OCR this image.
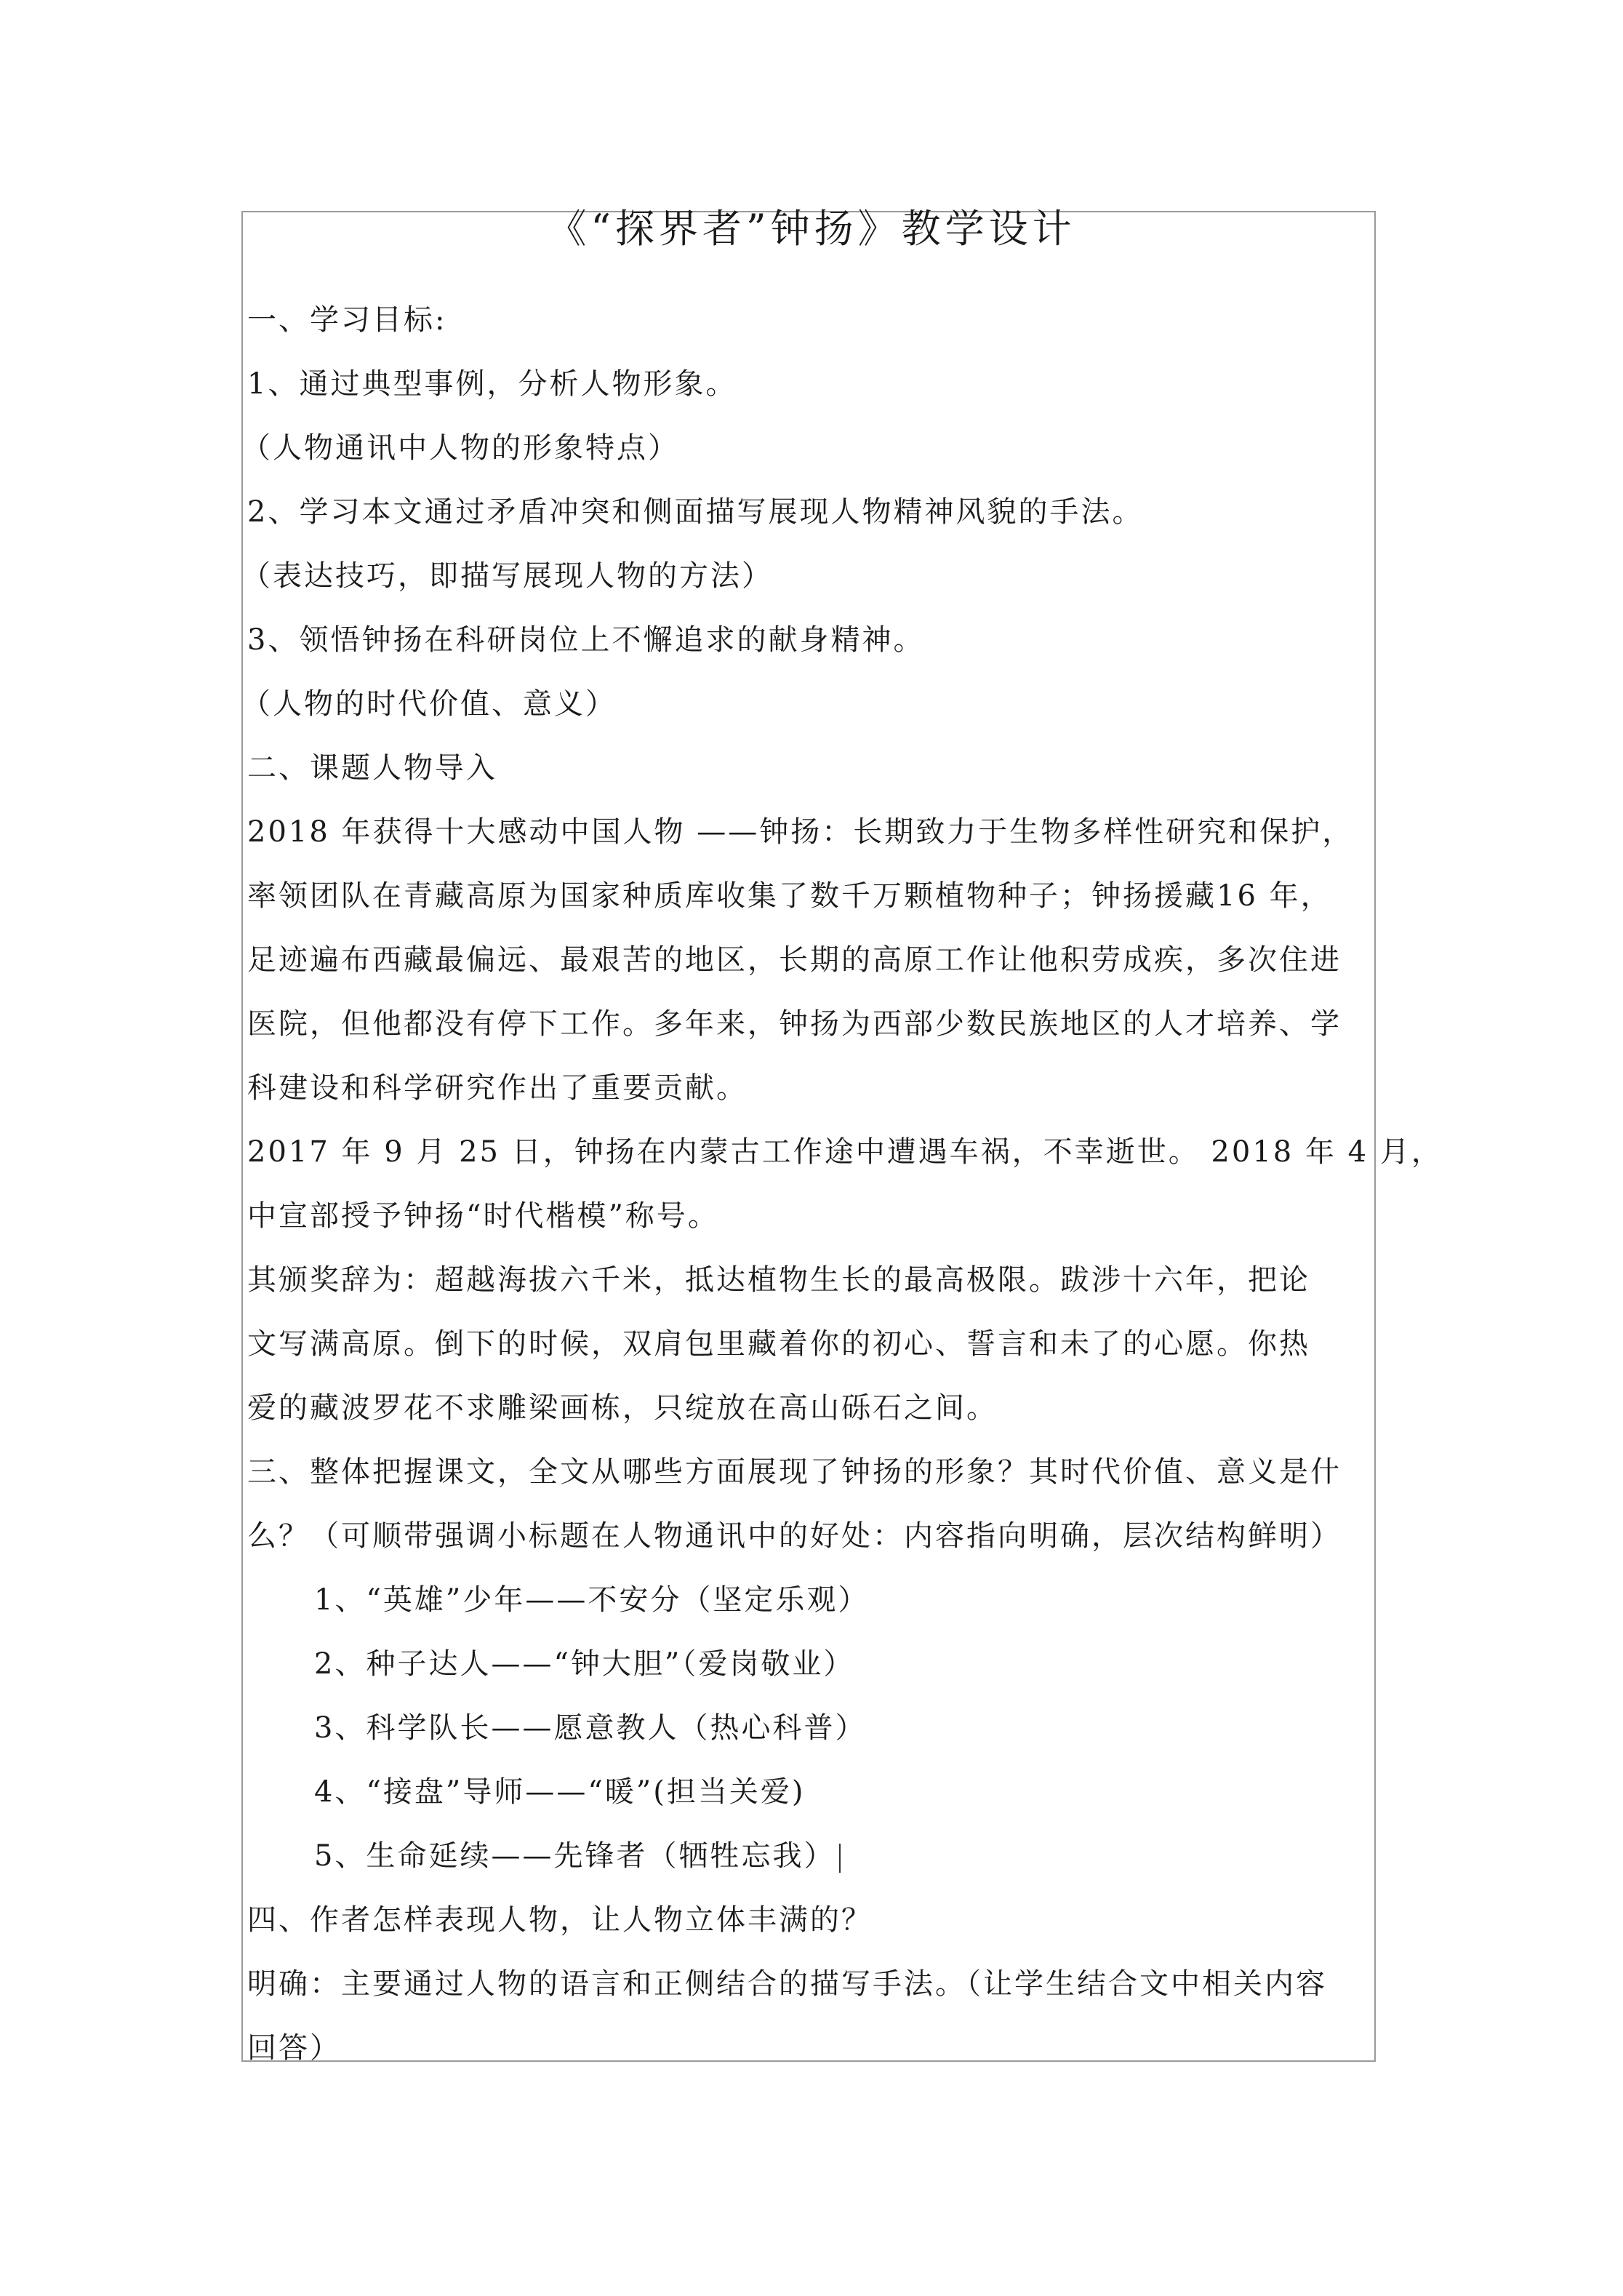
《“探界者”钟扬》教学设计
一、学习目标:
1、通过典型事例，分析人物形象。
（人物通讯中人物的形象特点）
2、学习本文通过矛盾冲突和侧面描写展现人物精神风貌的手法。
（表达技巧，即描写展现人物的方法）
3、领悟钟扬在科研岗位上不懈追求的献身精神。
（人物的时代价值、意义）
二、课题人物导入
2018 年获得十大感动中国人物 ——钟扬：长期致力于生物多样性研究和保护，
率领团队在青藏高原为国家种质库收集了数千万颗植物种子；钟扬援藏16 年，
足迹遍布西藏最偏远、最艰苦的地区，长期的高原工作让他积劳成疾，多次住进
医院，但他都没有停下工作。多年来，钟扬为西部少数民族地区的人才培养、学
科建设和科学研究作出了重要贡献。
2017 年 9 月 25 日，钟扬在内蒙古工作途中遭遇车祸，不幸逝世。 2018 年 4 月，
中宣部授予钟扬“时代楷模”称号。
其颁奖辞为：超越海拔六千米，抵达植物生长的最高极限。跋涉十六年，把论
文写满高原。倒下的时候，双肩包里藏着你的初心、誓言和未了的心愿。你热
爱的藏波罗花不求雕梁画栋，只绽放在高山砾石之间。
三、整体把握课文，全文从哪些方面展现了钟扬的形象？其时代价值、意义是什
么？（可顺带强调小标题在人物通讯中的好处：内容指向明确，层次结构鲜明）
1、“英雄”少年——不安分（坚定乐观）
2、种子达人——“钟大胆”（爱岗敬业）
3、科学队长——愿意教人（热心科普）
4、“接盘”导师——“暖”(担当关爱)
5、生命延续——先锋者（牺牲忘我）
四、作者怎样表现人物，让人物立体丰满的？
明确：主要通过人物的语言和正侧结合的描写手法。（让学生结合文中相关内容
回答）
